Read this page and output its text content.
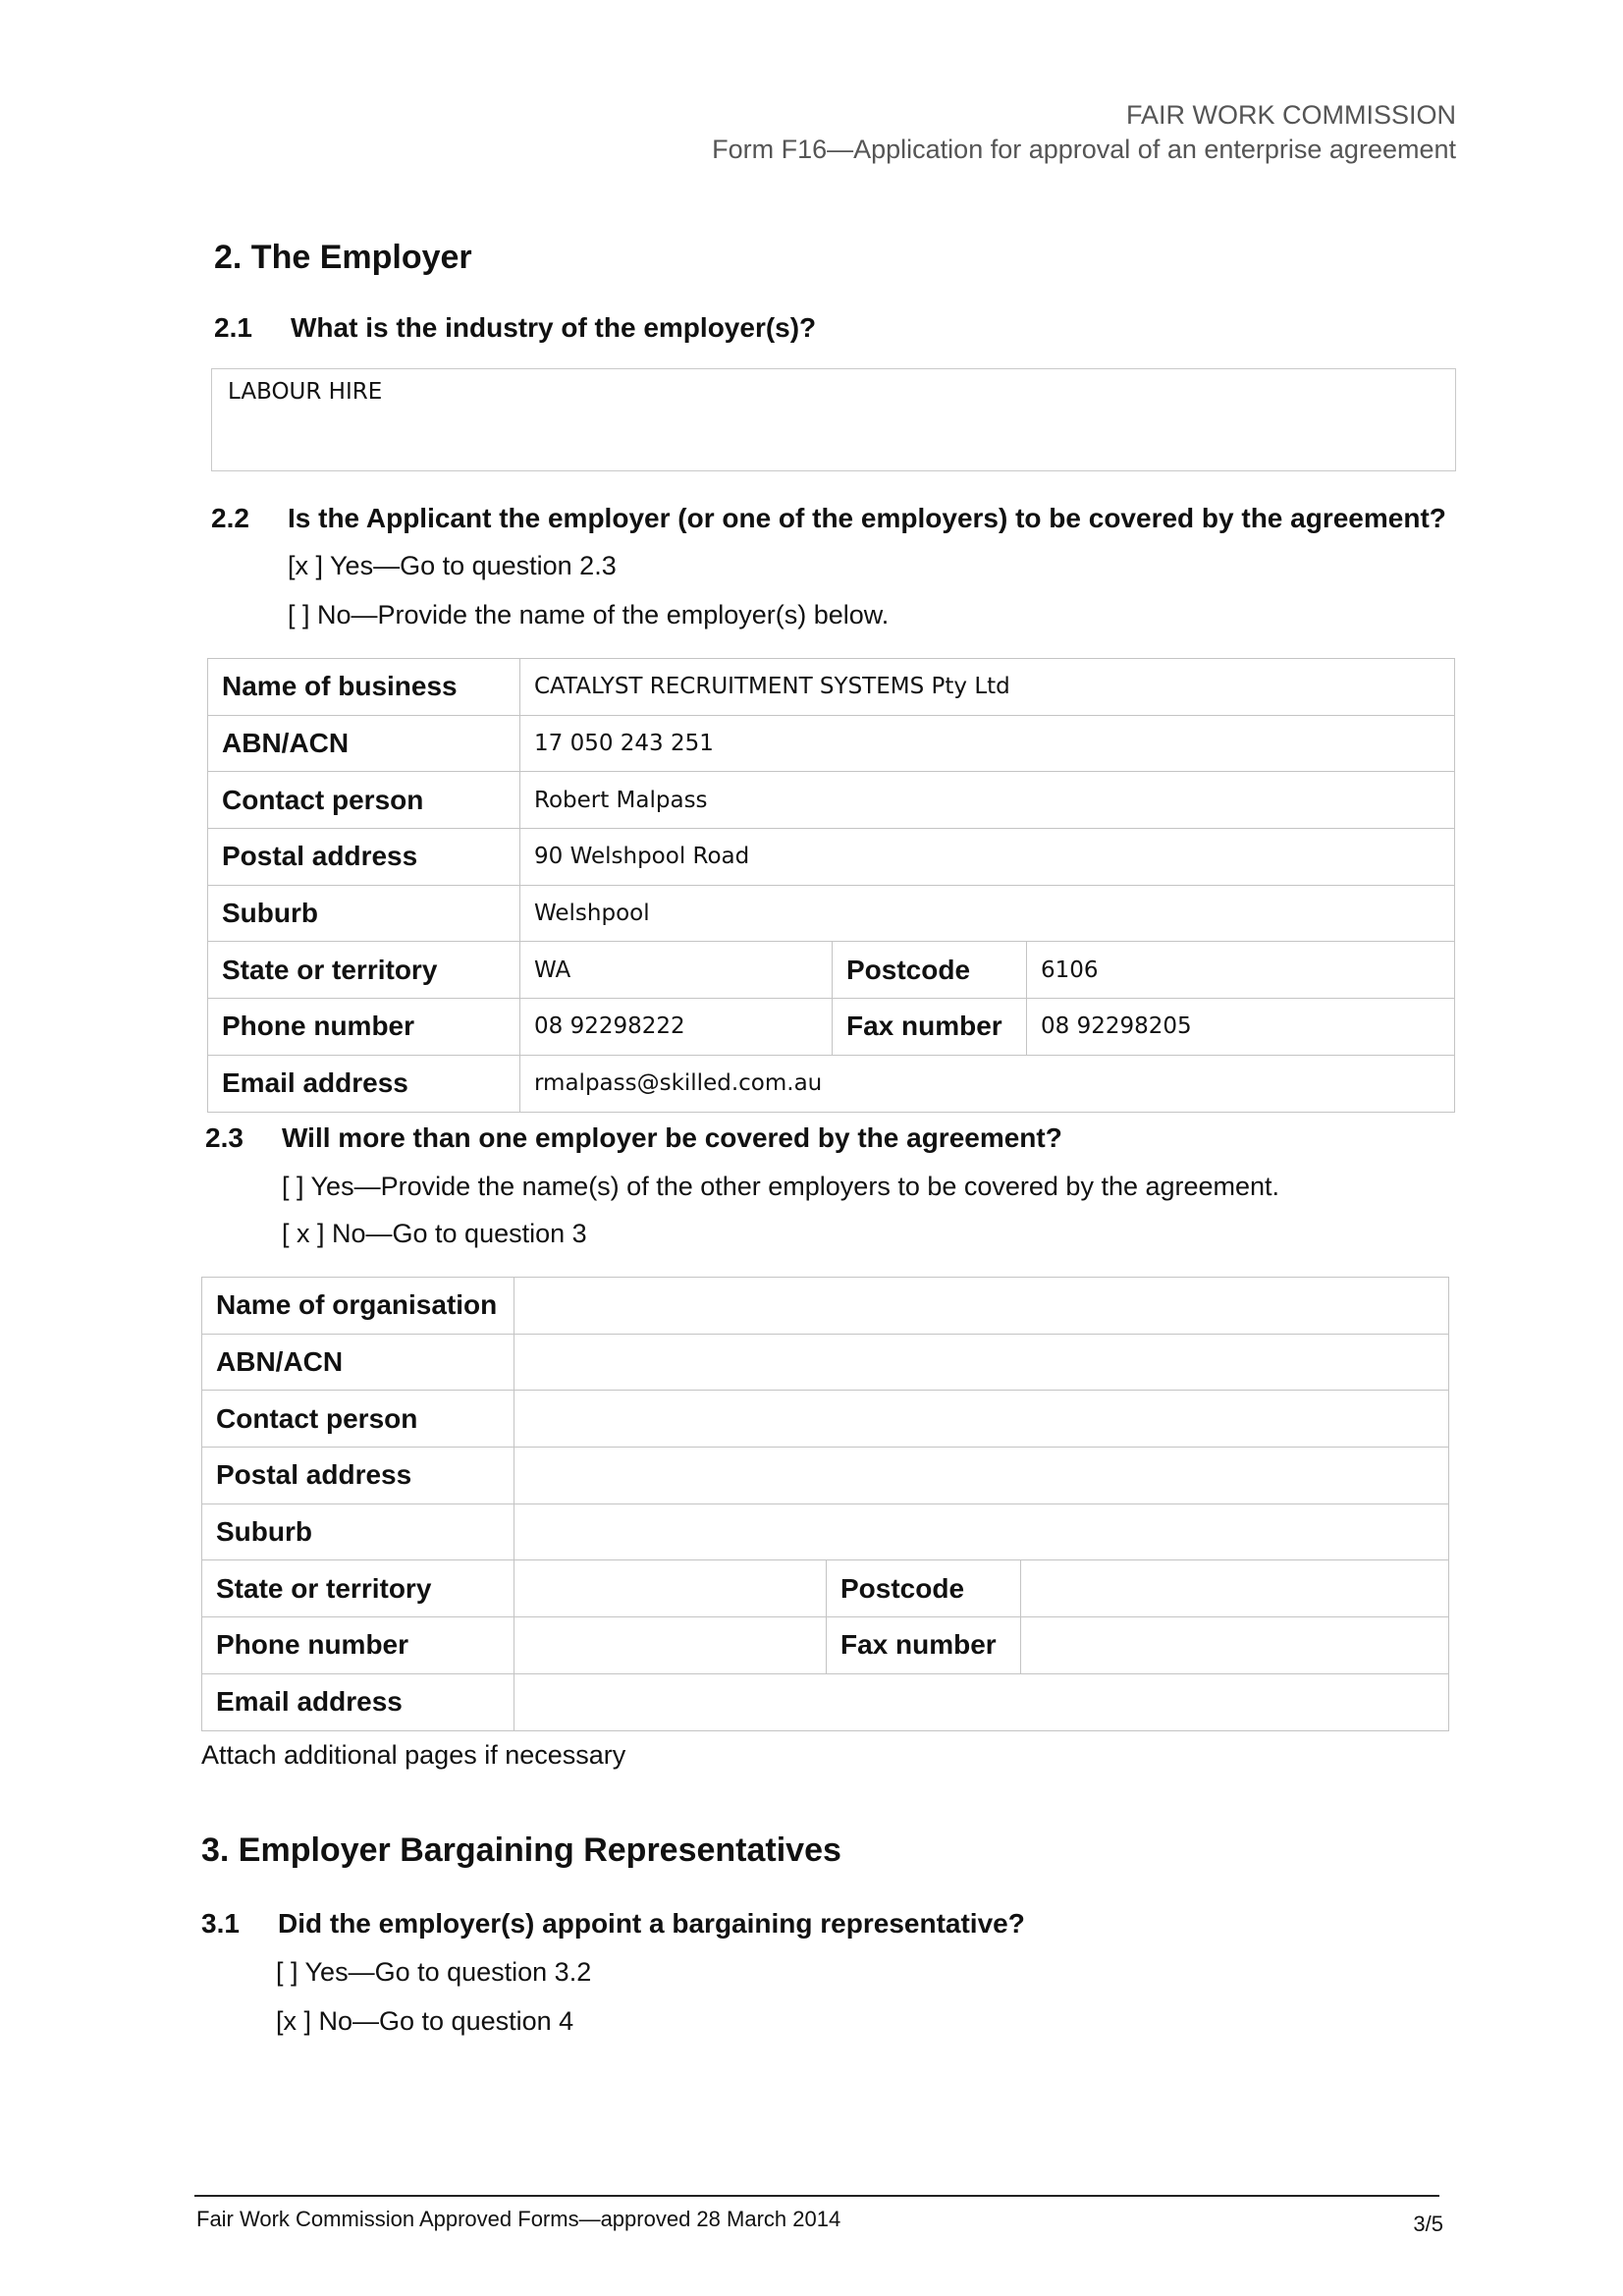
FAIR WORK COMMISSION
Form F16—Application for approval of an enterprise agreement
2. The Employer
2.1 What is the industry of the employer(s)?
LABOUR HIRE
2.2 Is the Applicant the employer (or one of the employers) to be covered by the agreement?
[x ] Yes—Go to question 2.3
[ ] No—Provide the name of the employer(s) below.
Name of business	CATALYST RECRUITMENT SYSTEMS Pty Ltd		
ABN/ACN	17 050 243 251		
Contact person	Robert Malpass		
Postal address	90 Welshpool Road		
Suburb	Welshpool		
State or territory	WA	Postcode	6106
Phone number	08 92298222	Fax number	08 92298205
Email address	rmalpass@skilled.com.au		
2.3 Will more than one employer be covered by the agreement?
[ ] Yes—Provide the name(s) of the other employers to be covered by the agreement.
[ x ] No—Go to question 3
Name of organisation			
ABN/ACN			
Contact person			
Postal address			
Suburb			
State or territory		Postcode	
Phone number		Fax number	
Email address			
Attach additional pages if necessary
3. Employer Bargaining Representatives
3.1 Did the employer(s) appoint a bargaining representative?
[ ] Yes—Go to question 3.2
[x ] No—Go to question 4
Fair Work Commission Approved Forms—approved 28 March 2014	3/5
